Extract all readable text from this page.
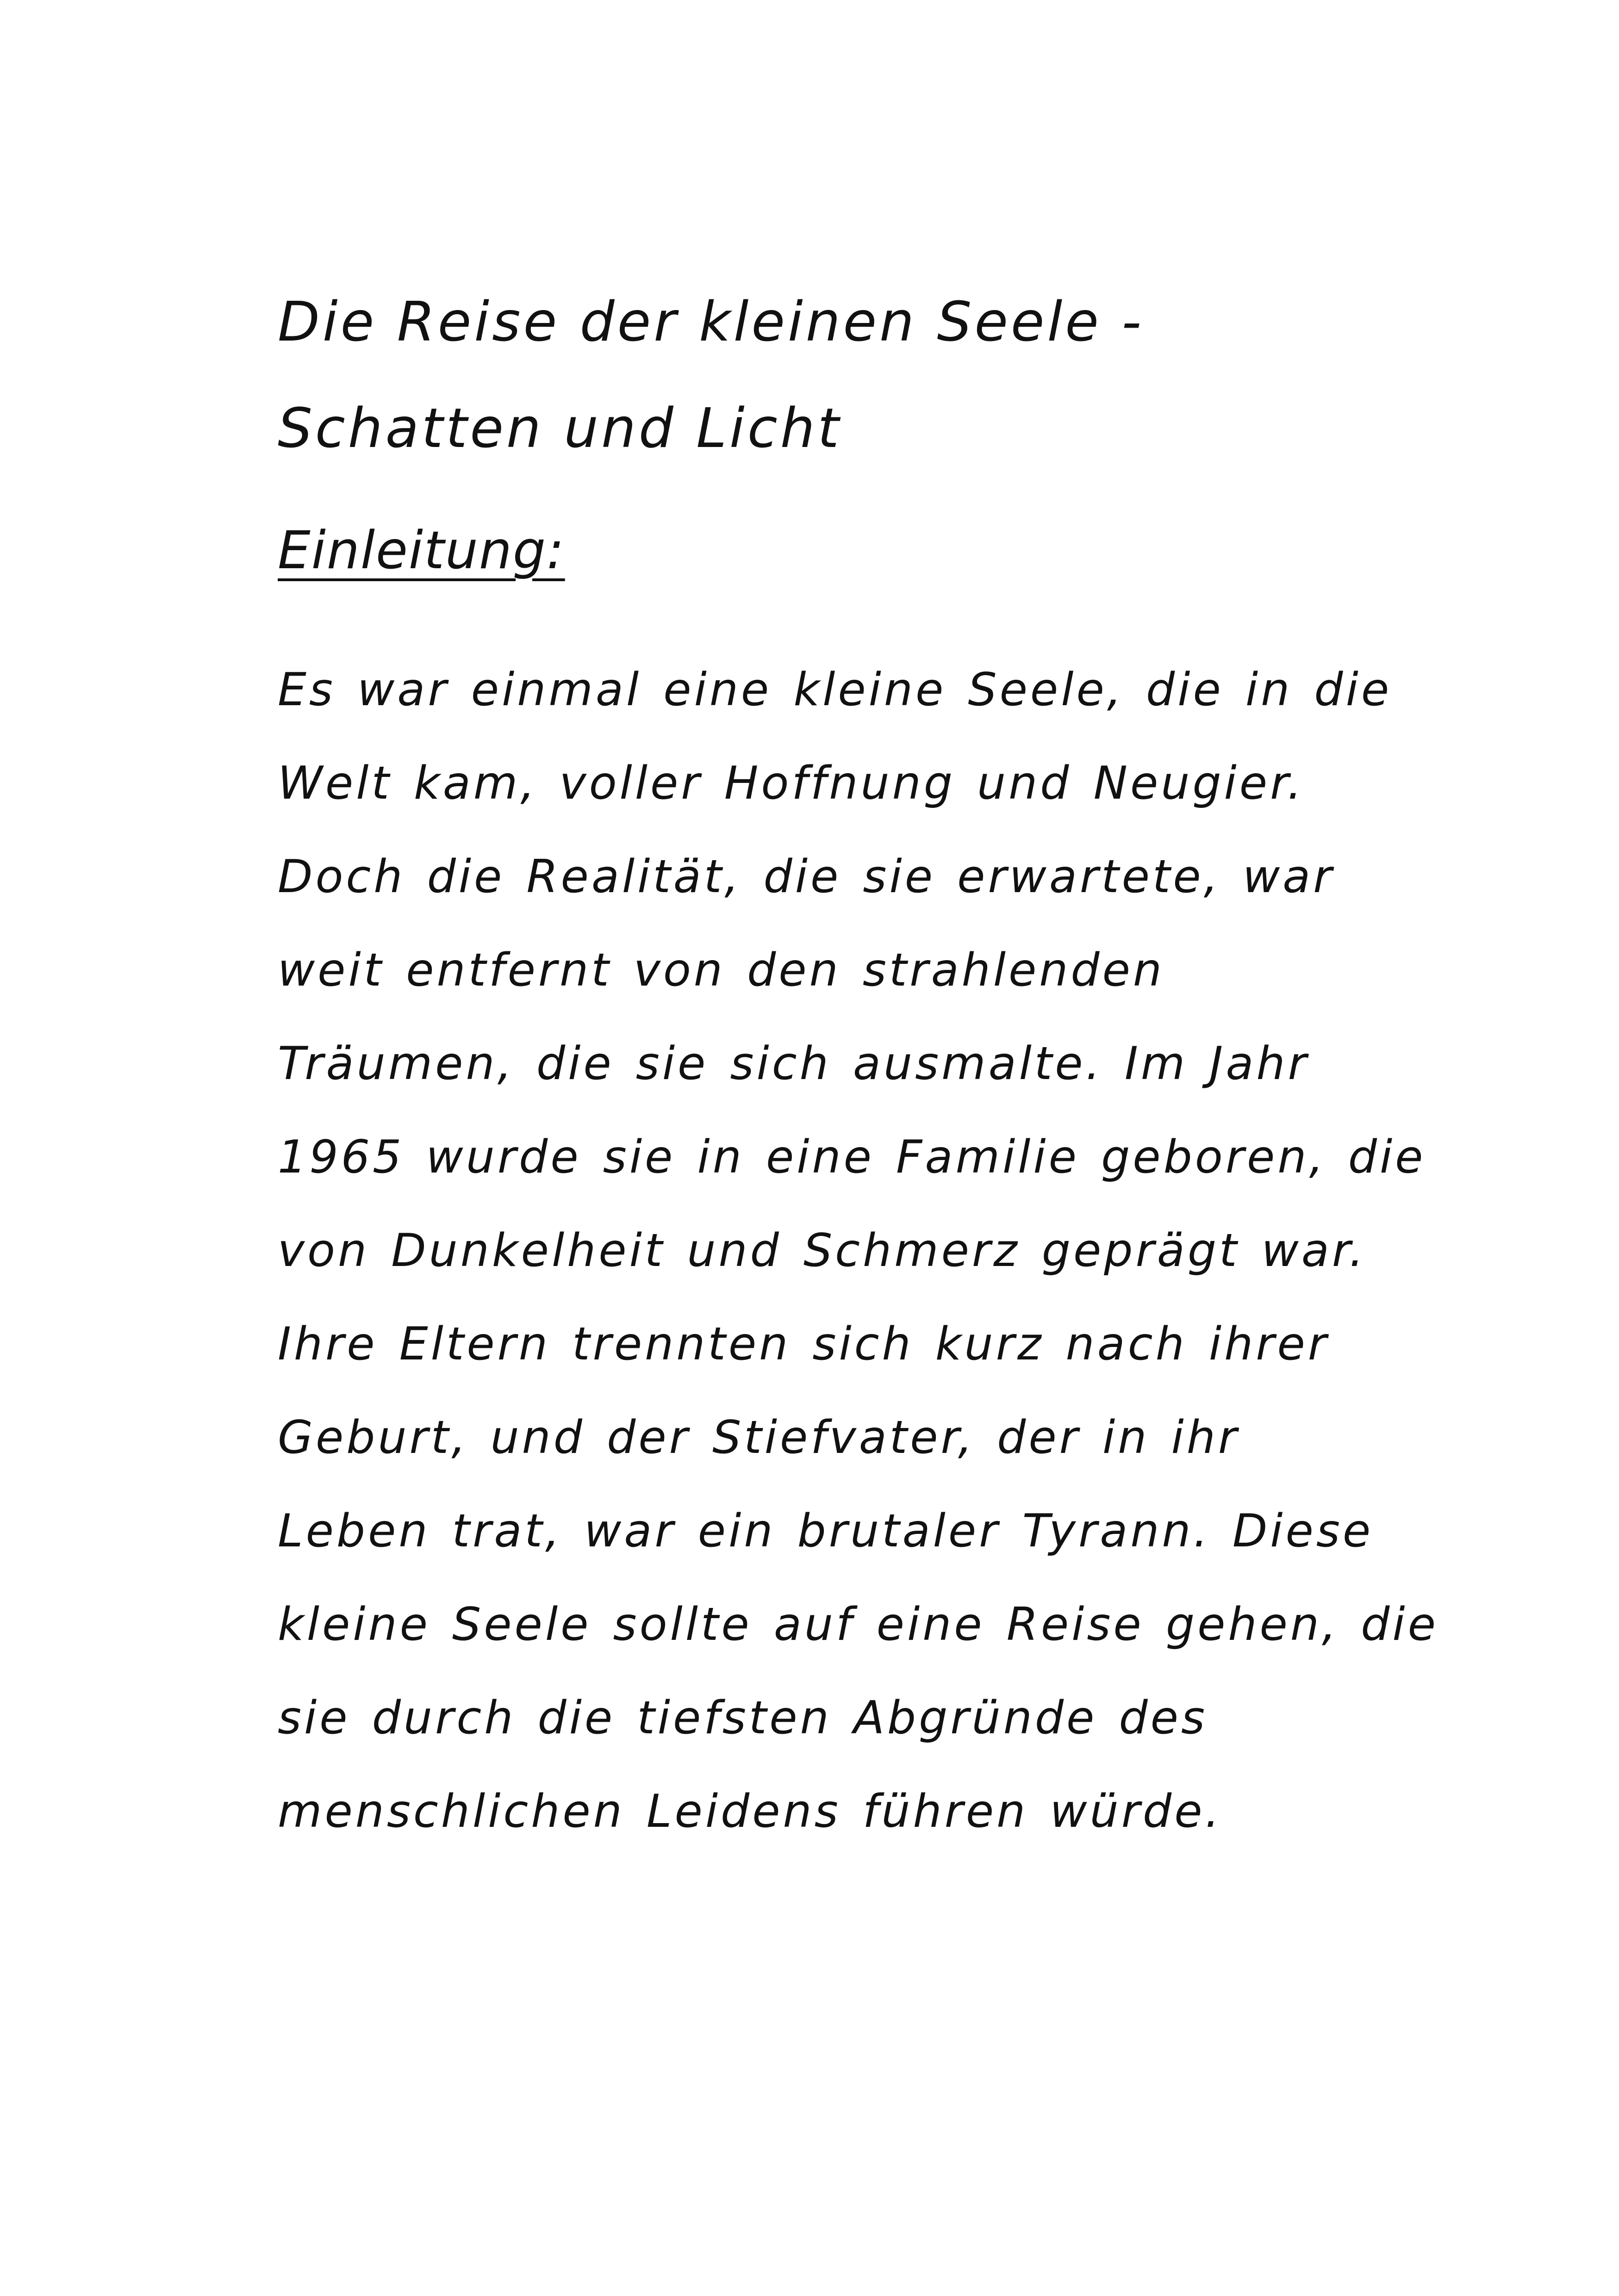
Die Reise der kleinen Seele -
Schatten und Licht
Einleitung:
Es war einmal eine kleine Seele, die in die
Welt kam, voller Hoffnung und Neugier.
Doch die Realität, die sie erwartete, war
weit entfernt von den strahlenden
Träumen, die sie sich ausmalte. Im Jahr
1965 wurde sie in eine Familie geboren, die
von Dunkelheit und Schmerz geprägt war.
Ihre Eltern trennten sich kurz nach ihrer
Geburt, und der Stiefvater, der in ihr
Leben trat, war ein brutaler Tyrann. Diese
kleine Seele sollte auf eine Reise gehen, die
sie durch die tiefsten Abgründe des
menschlichen Leidens führen würde.
